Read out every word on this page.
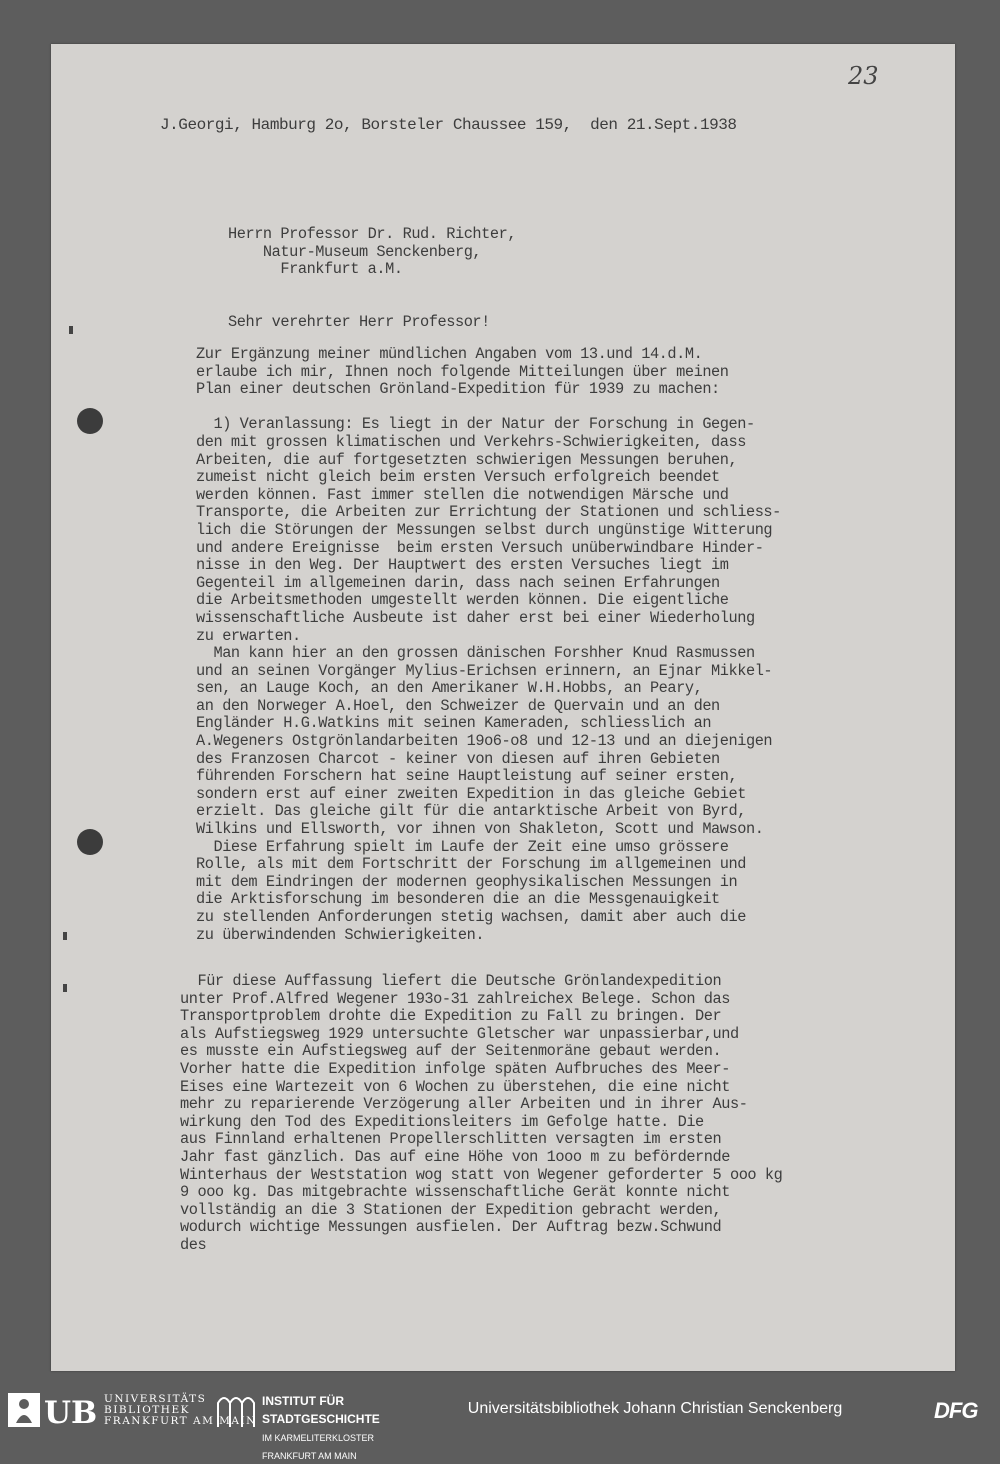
23
J.Georgi, Hamburg 2o, Borsteler Chaussee 159,  den 21.Sept.1938
Herrn Professor Dr. Rud. Richter,
Natur-Museum Senckenberg,
Frankfurt a.M.
Sehr verehrter Herr Professor!
Zur Ergänzung meiner mündlichen Angaben vom 13.und 14.d.M.
erlaube ich mir, Ihnen noch folgende Mitteilungen über meinen
Plan einer deutschen Grönland-Expedition für 1939 zu machen:

1) Veranlassung: Es liegt in der Natur der Forschung in Gegen-
den mit grossen klimatischen und Verkehrs-Schwierigkeiten, dass
Arbeiten, die auf fortgesetzten schwierigen Messungen beruhen,
zumeist nicht gleich beim ersten Versuch erfolgreich beendet
werden können. Fast immer stellen die notwendigen Märsche und
Transporte, die Arbeiten zur Errichtung der Stationen und schliess-
lich die Störungen der Messungen selbst durch ungünstige Witterung
und andere Ereignisse  beim ersten Versuch unüberwindbare Hinder-
nisse in den Weg. Der Hauptwert des ersten Versuches liegt im
Gegenteil im allgemeinen darin, dass nach seinen Erfahrungen
die Arbeitsmethoden umgestellt werden können. Die eigentliche
wissenschaftliche Ausbeute ist daher erst bei einer Wiederholung
zu erwarten.
Man kann hier an den grossen dänischen Forshher Knud Rasmussen
und an seinen Vorgänger Mylius-Erichsen erinnern, an Ejnar Mikkel-
sen, an Lauge Koch, an den Amerikaner W.H.Hobbs, an Peary,
an den Norweger A.Hoel, den Schweizer de Quervain und an den
Engländer H.G.Watkins mit seinen Kameraden, schliesslich an
A.Wegeners Ostgrönlandarbeiten 19o6-o8 und 12-13 und an diejenigen
des Franzosen Charcot - keiner von diesen auf ihren Gebieten
führenden Forschern hat seine Hauptleistung auf seiner ersten,
sondern erst auf einer zweiten Expedition in das gleiche Gebiet
erzielt. Das gleiche gilt für die antarktische Arbeit von Byrd,
Wilkins und Ellsworth, vor ihnen von Shakleton, Scott und Mawson.
Diese Erfahrung spielt im Laufe der Zeit eine umso grössere
Rolle, als mit dem Fortschritt der Forschung im allgemeinen und
mit dem Eindringen der modernen geophysikalischen Messungen in
die Arktisforschung im besonderen die an die Messgenauigkeit
zu stellenden Anforderungen stetig wachsen, damit aber auch die
zu überwindenden Schwierigkeiten.
Für diese Auffassung liefert die Deutsche Grönlandexpedition
unter Prof.Alfred Wegener 193o-31 zahlreichex Belege. Schon das
Transportproblem drohte die Expedition zu Fall zu bringen. Der
als Aufstiegsweg 1929 untersuchte Gletscher war unpassierbar,und
es musste ein Aufstiegsweg auf der Seitenmoräne gebaut werden.
Vorher hatte die Expedition infolge späten Aufbruches des Meer-
Eises eine Wartezeit von 6 Wochen zu überstehen, die eine nicht
mehr zu reparierende Verzögerung aller Arbeiten und in ihrer Aus-
wirkung den Tod des Expeditionsleiters im Gefolge hatte. Die
aus Finnland erhaltenen Propellerschlitten versagten im ersten
Jahr fast gänzlich. Das auf eine Höhe von 1ooo m zu befördernde
Winterhaus der Weststation wog statt von Wegener geforderter 5 ooo kg
9 ooo kg. Das mitgebrachte wissenschaftliche Gerät konnte nicht
vollständig an die 3 Stationen der Expedition gebracht werden,
wodurch wichtige Messungen ausfielen. Der Auftrag bezw.Schwund
des
UB UNIVERSITÄTS
BIBLIOTHEK
FRANKFURT AM MAIN
INSTITUT FÜR
STADTGESCHICHTE
IM KARMELITERKLOSTER
FRANKFURT AM MAIN
Universitätsbibliothek Johann Christian Senckenberg	DFG
